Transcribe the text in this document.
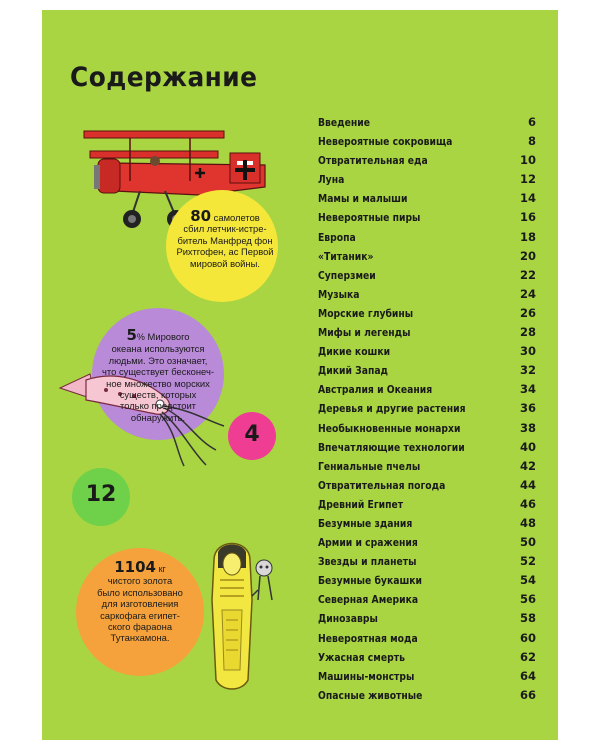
Содержание
80 самолетов
сбил летчик-истре-
битель Манфред фон
Рихтгофен, ас Первой
мировой войны.
5% Мирового
океана используются
людьми. Это означает,
что существует бесконеч-
ное множество морских
существ, которых
только предстоит
обнаружить.
4
12
1104 кг
чистого золота
было использовано
для изготовления
саркофага египет-
ского фараона
Тутанхамона.
Введение	6
Невероятные сокровища	8
Отвратительная еда	10
Луна	12
Мамы и малыши	14
Невероятные пиры	16
Европа	18
«Титаник»	20
Суперзмеи	22
Музыка	24
Морские глубины	26
Мифы и легенды	28
Дикие кошки	30
Дикий Запад	32
Австралия и Океания	34
Деревья и другие растения	36
Необыкновенные монархи	38
Впечатляющие технологии	40
Гениальные пчелы	42
Отвратительная погода	44
Древний Египет	46
Безумные здания	48
Армии и сражения	50
Звезды и планеты	52
Безумные букашки	54
Северная Америка	56
Динозавры	58
Невероятная мода	60
Ужасная смерть	62
Машины-монстры	64
Опасные животные	66
